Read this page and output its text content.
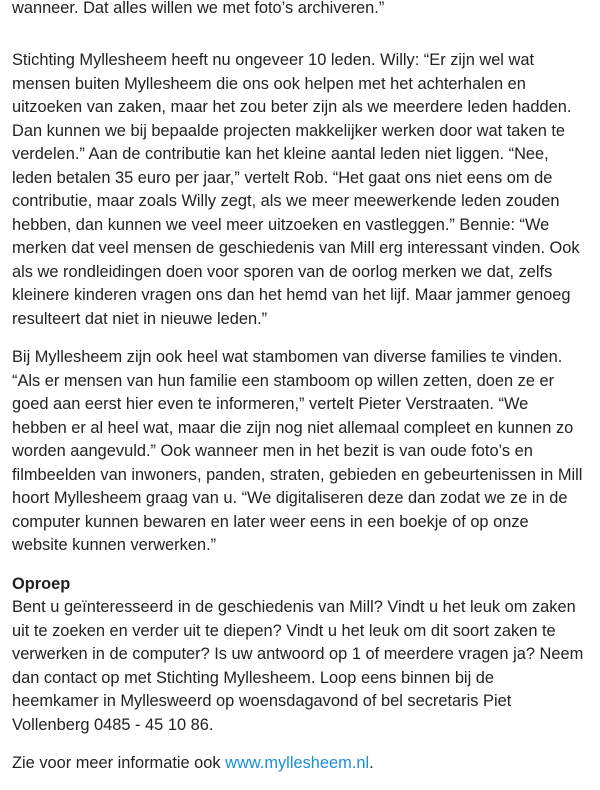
wanneer. Dat alles willen we met foto’s archiveren.”

Stichting Myllesheem heeft nu ongeveer 10 leden. Willy: “Er zijn wel wat mensen buiten Myllesheem die ons ook helpen met het achterhalen en uitzoeken van zaken, maar het zou beter zijn als we meerdere leden hadden. Dan kunnen we bij bepaalde projecten makkelijker werken door wat taken te verdelen.” Aan de contributie kan het kleine aantal leden niet liggen. “Nee, leden betalen 35 euro per jaar,” vertelt Rob. “Het gaat ons niet eens om de contributie, maar zoals Willy zegt, als we meer meewerkende leden zouden hebben, dan kunnen we veel meer uitzoeken en vastleggen.” Bennie: “We merken dat veel mensen de geschiedenis van Mill erg interessant vinden. Ook als we rondleidingen doen voor sporen van de oorlog merken we dat, zelfs kleinere kinderen vragen ons dan het hemd van het lijf. Maar jammer genoeg resulteert dat niet in nieuwe leden.”

Bij Myllesheem zijn ook heel wat stambomen van diverse families te vinden. “Als er mensen van hun familie een stamboom op willen zetten, doen ze er goed aan eerst hier even te informeren,” vertelt Pieter Verstraaten. “We hebben er al heel wat, maar die zijn nog niet allemaal compleet en kunnen zo worden aangevuld.” Ook wanneer men in het bezit is van oude foto’s en filmbeelden van inwoners, panden, straten, gebieden en gebeurtenissen in Mill hoort Myllesheem graag van u. “We digitaliseren deze dan zodat we ze in de computer kunnen bewaren en later weer eens in een boekje of op onze website kunnen verwerken.”

Oproep

Bent u geïnteresseerd in de geschiedenis van Mill? Vindt u het leuk om zaken uit te zoeken en verder uit te diepen? Vindt u het leuk om dit soort zaken te verwerken in de computer? Is uw antwoord op 1 of meerdere vragen ja? Neem dan contact op met Stichting Myllesheem. Loop eens binnen bij de heemkamer in Myllesweerd op woensdagavond of bel secretaris Piet Vollenberg 0485 - 45 10 86.

Zie voor meer informatie ook www.myllesheem.nl.
